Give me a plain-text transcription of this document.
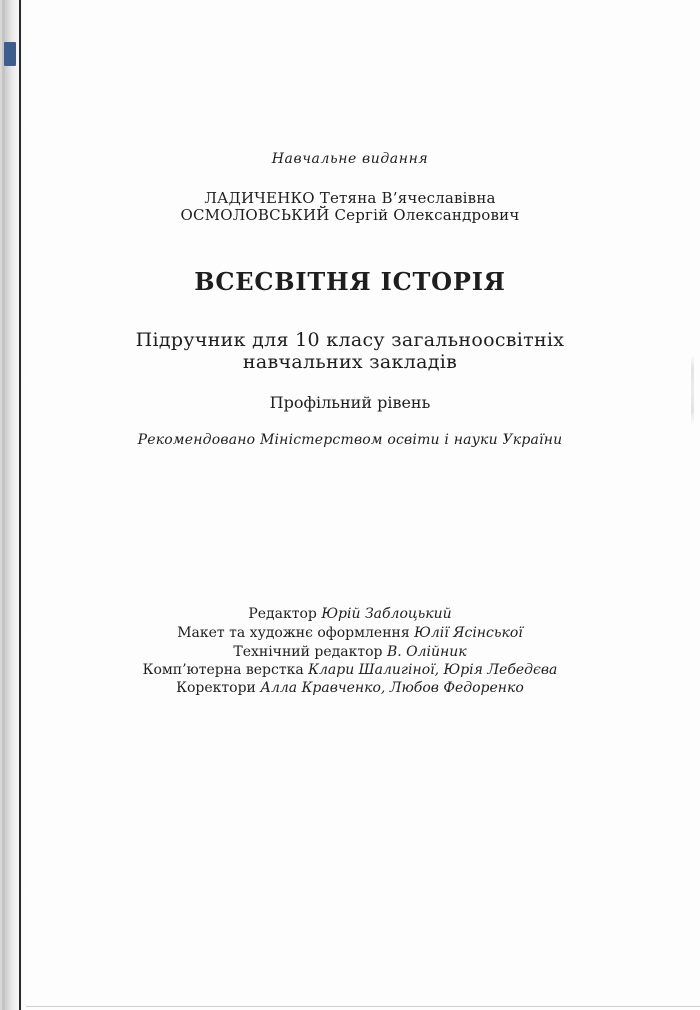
Навчальне видання
ЛАДИЧЕНКО Тетяна В’ячеславівна
ОСМОЛОВСЬКИЙ Сергій Олександрович
ВСЕСВІТНЯ ІСТОРІЯ
Підручник для 10 класу загальноосвітніх
навчальних закладів
Профільний рівень
Рекомендовано Міністерством освіти і науки України
Редактор Юрій Заблоцький
Макет та художнє оформлення Юлії Ясінської
Технічний редактор В. Олійник
Комп’ютерна верстка Клари Шалигіної, Юрія Лебедєва
Коректори Алла Кравченко, Любов Федоренко
